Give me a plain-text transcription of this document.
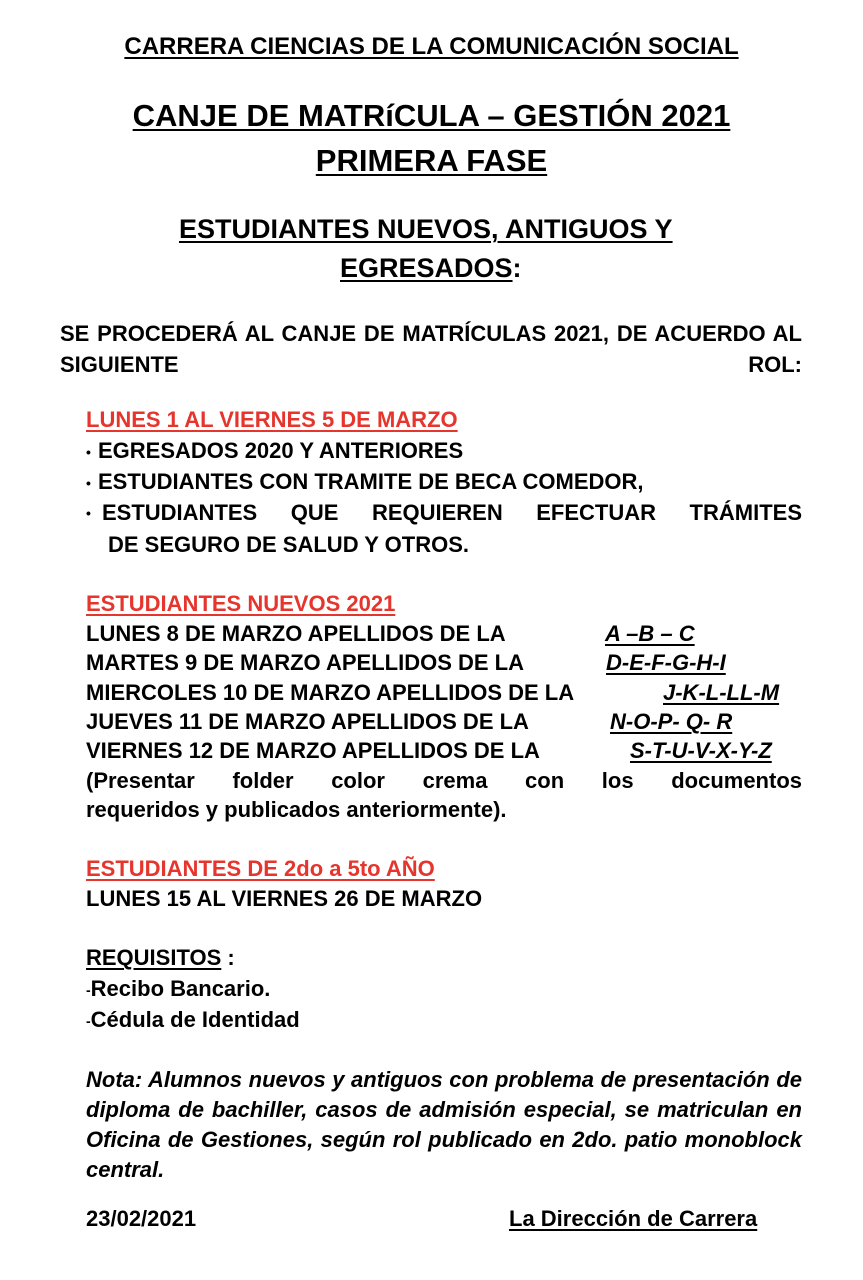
CARRERA CIENCIAS DE LA COMUNICACIÓN SOCIAL
CANJE DE MATRíCULA – GESTIÓN 2021
PRIMERA FASE
ESTUDIANTES NUEVOS, ANTIGUOS Y
EGRESADOS:
SE PROCEDERÁ AL CANJE DE MATRÍCULAS 2021, DE ACUERDO AL SIGUIENTE ROL:
LUNES 1 AL VIERNES 5 DE MARZO
• EGRESADOS 2020 Y ANTERIORES
• ESTUDIANTES CON TRAMITE DE BECA COMEDOR,
• ESTUDIANTES QUE REQUIEREN EFECTUAR TRÁMITES
DE SEGURO DE SALUD Y OTROS.
ESTUDIANTES NUEVOS 2021
LUNES 8 DE MARZO APELLIDOS DE LA	A –B – C
MARTES 9 DE MARZO APELLIDOS DE LA	D-E-F-G-H-I
MIERCOLES 10 DE MARZO APELLIDOS DE LA	J-K-L-LL-M
JUEVES 11 DE MARZO APELLIDOS DE LA	N-O-P- Q- R
VIERNES 12 DE MARZO APELLIDOS DE LA	S-T-U-V-X-Y-Z
(Presentar folder color crema con los documentos
requeridos y publicados anteriormente).
ESTUDIANTES DE 2do a 5to AÑO
LUNES 15 AL VIERNES 26 DE MARZO
REQUISITOS :
-Recibo Bancario.
-Cédula de Identidad
Nota: Alumnos nuevos y antiguos con problema de presentación de diploma de bachiller, casos de admisión especial, se matriculan en Oficina de Gestiones, según rol publicado en 2do. patio monoblock central.
23/02/2021	La Dirección de Carrera
